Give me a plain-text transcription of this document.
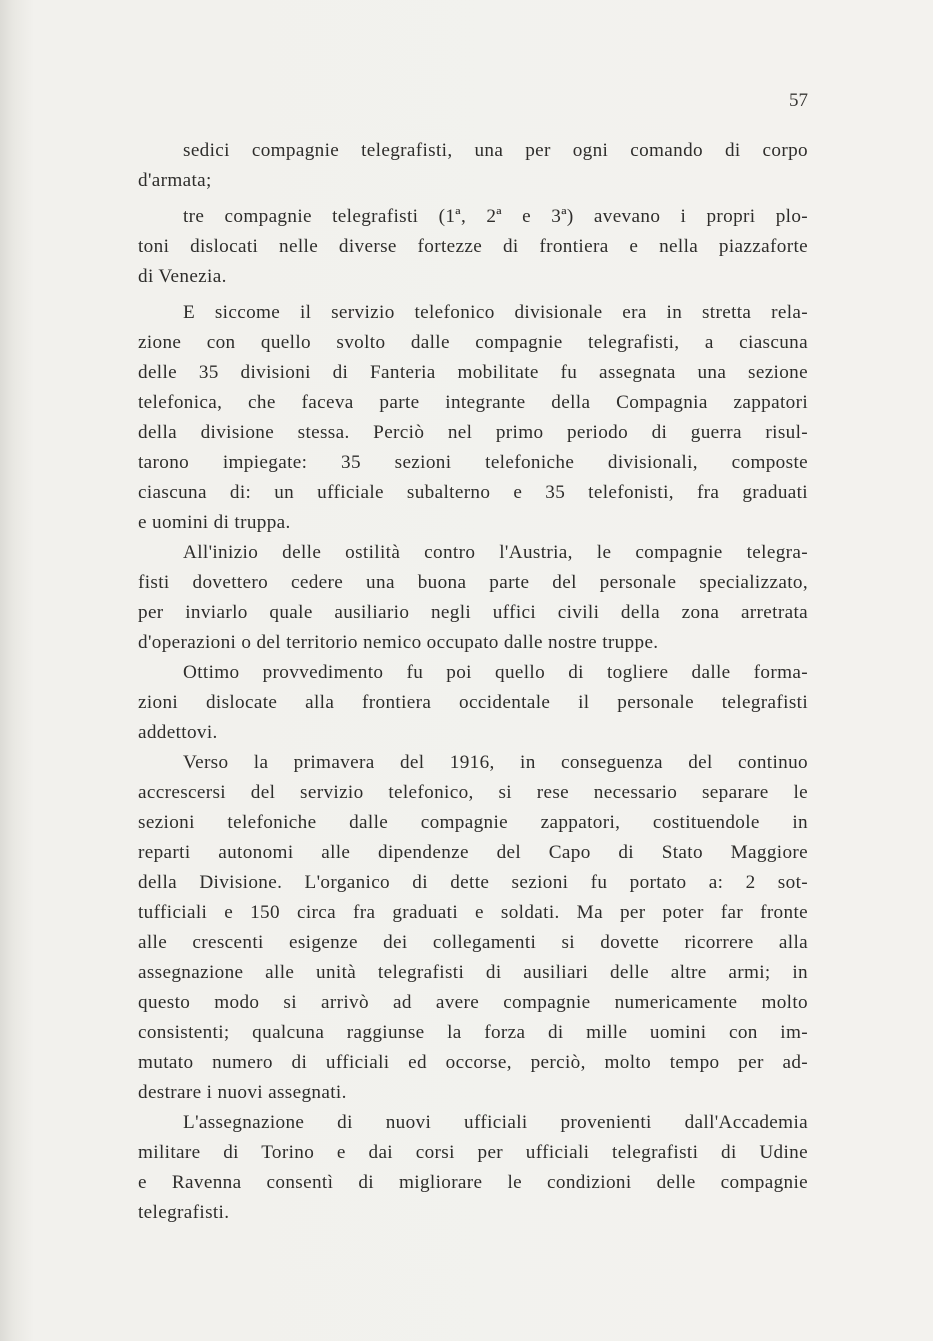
57

sedici compagnie telegrafisti, una per ogni comando di corpo
d'armata;

tre compagnie telegrafisti (1ª, 2ª e 3ª) avevano i propri plo-
toni dislocati nelle diverse fortezze di frontiera e nella piazzaforte
di Venezia.

E siccome il servizio telefonico divisionale era in stretta rela-
zione con quello svolto dalle compagnie telegrafisti, a ciascuna
delle 35 divisioni di Fanteria mobilitate fu assegnata una sezione
telefonica, che faceva parte integrante della Compagnia zappatori
della divisione stessa. Perciò nel primo periodo di guerra risul-
tarono impiegate: 35 sezioni telefoniche divisionali, composte
ciascuna di: un ufficiale subalterno e 35 telefonisti, fra graduati
e uomini di truppa.

All'inizio delle ostilità contro l'Austria, le compagnie telegra-
fisti dovettero cedere una buona parte del personale specializzato,
per inviarlo quale ausiliario negli uffici civili della zona arretrata
d'operazioni o del territorio nemico occupato dalle nostre truppe.

Ottimo provvedimento fu poi quello di togliere dalle forma-
zioni dislocate alla frontiera occidentale il personale telegrafisti
addettovi.

Verso la primavera del 1916, in conseguenza del continuo
accrescersi del servizio telefonico, si rese necessario separare le
sezioni telefoniche dalle compagnie zappatori, costituendole in
reparti autonomi alle dipendenze del Capo di Stato Maggiore
della Divisione. L'organico di dette sezioni fu portato a: 2 sot-
tufficiali e 150 circa fra graduati e soldati. Ma per poter far fronte
alle crescenti esigenze dei collegamenti si dovette ricorrere alla
assegnazione alle unità telegrafisti di ausiliari delle altre armi; in
questo modo si arrivò ad avere compagnie numericamente molto
consistenti; qualcuna raggiunse la forza di mille uomini con im-
mutato numero di ufficiali ed occorse, perciò, molto tempo per ad-
destrare i nuovi assegnati.

L'assegnazione di nuovi ufficiali provenienti dall'Accademia
militare di Torino e dai corsi per ufficiali telegrafisti di Udine
e Ravenna consentì di migliorare le condizioni delle compagnie
telegrafisti.
